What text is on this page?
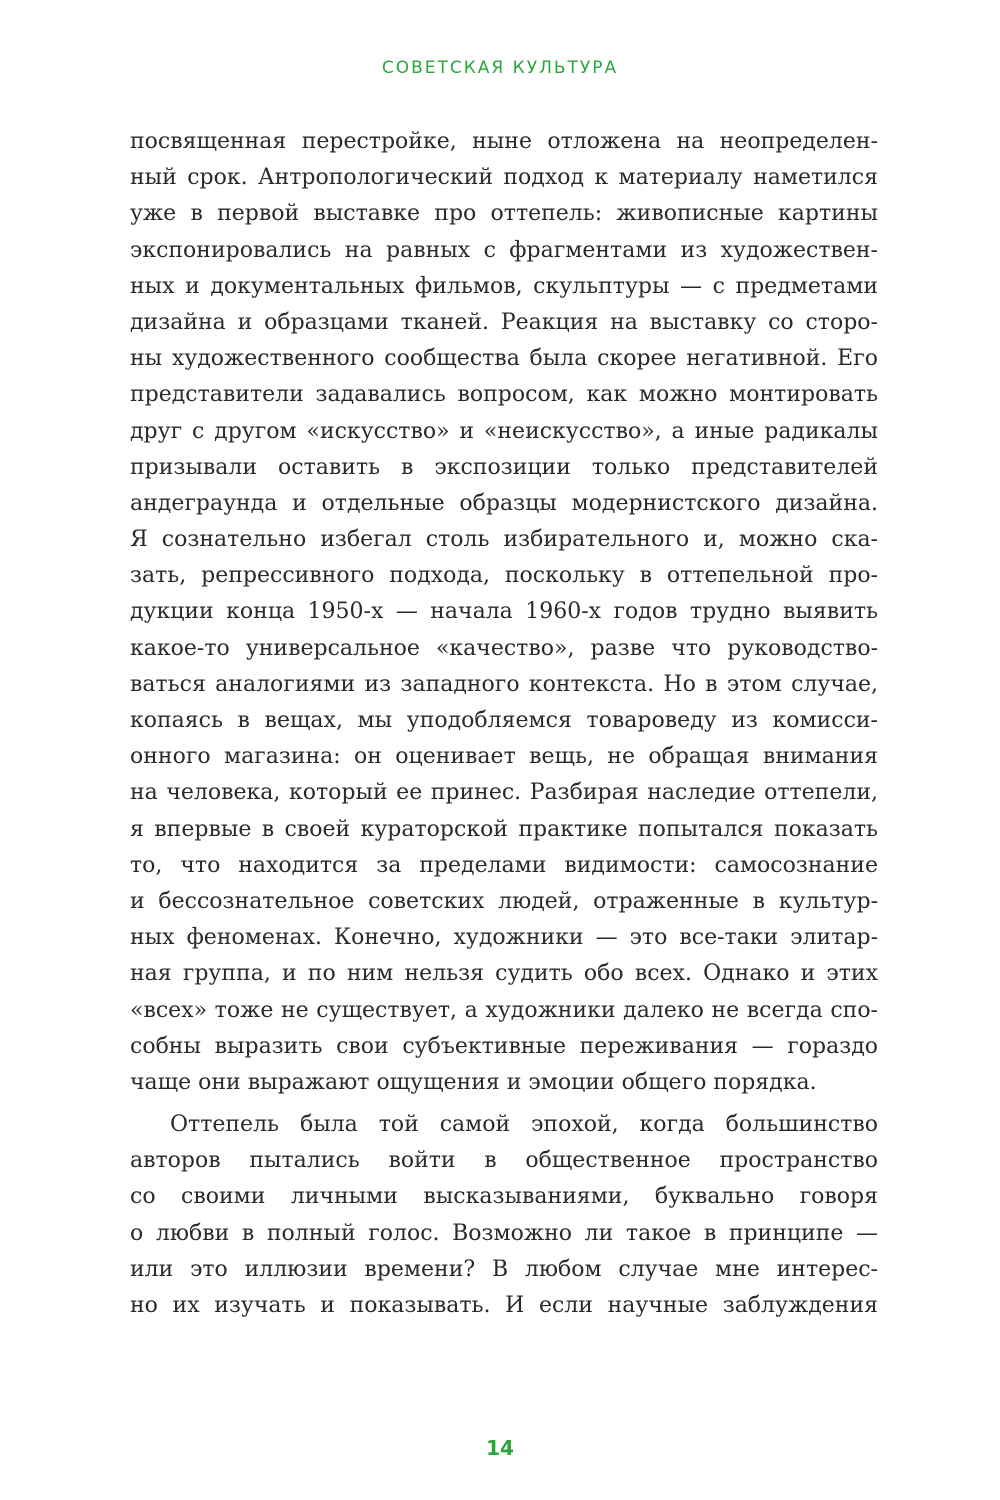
СОВЕТСКАЯ КУЛЬТУРА
посвященная перестройке, ныне отложена на неопределен-
ный срок. Антропологический подход к материалу наметился
уже в первой выставке про оттепель: живописные картины
экспонировались на равных с фрагментами из художествен-
ных и документальных фильмов, скульптуры — с предметами
дизайна и образцами тканей. Реакция на выставку со сторо-
ны художественного сообщества была скорее негативной. Его
представители задавались вопросом, как можно монтировать
друг с другом «искусство» и «неискусство», а иные радикалы
призывали оставить в экспозиции только представителей
андеграунда и отдельные образцы модернистского дизайна.
Я сознательно избегал столь избирательного и, можно ска-
зать, репрессивного подхода, поскольку в оттепельной про-
дукции конца 1950-х — начала 1960-х годов трудно выявить
какое-то универсальное «качество», разве что руководство-
ваться аналогиями из западного контекста. Но в этом случае,
копаясь в вещах, мы уподобляемся товароведу из комисси-
онного магазина: он оценивает вещь, не обращая внимания
на человека, который ее принес. Разбирая наследие оттепели,
я впервые в своей кураторской практике попытался показать
то, что находится за пределами видимости: самосознание
и бессознательное советских людей, отраженные в культур-
ных феноменах. Конечно, художники — это все-таки элитар-
ная группа, и по ним нельзя судить обо всех. Однако и этих
«всех» тоже не существует, а художники далеко не всегда спо-
собны выразить свои субъективные переживания — гораздо
чаще они выражают ощущения и эмоции общего порядка.
Оттепель была той самой эпохой, когда большинство
авторов пытались войти в общественное пространство
со своими личными высказываниями, буквально говоря
о любви в полный голос. Возможно ли такое в принципе —
или это иллюзии времени? В любом случае мне интерес-
но их изучать и показывать. И если научные заблуждения
14
